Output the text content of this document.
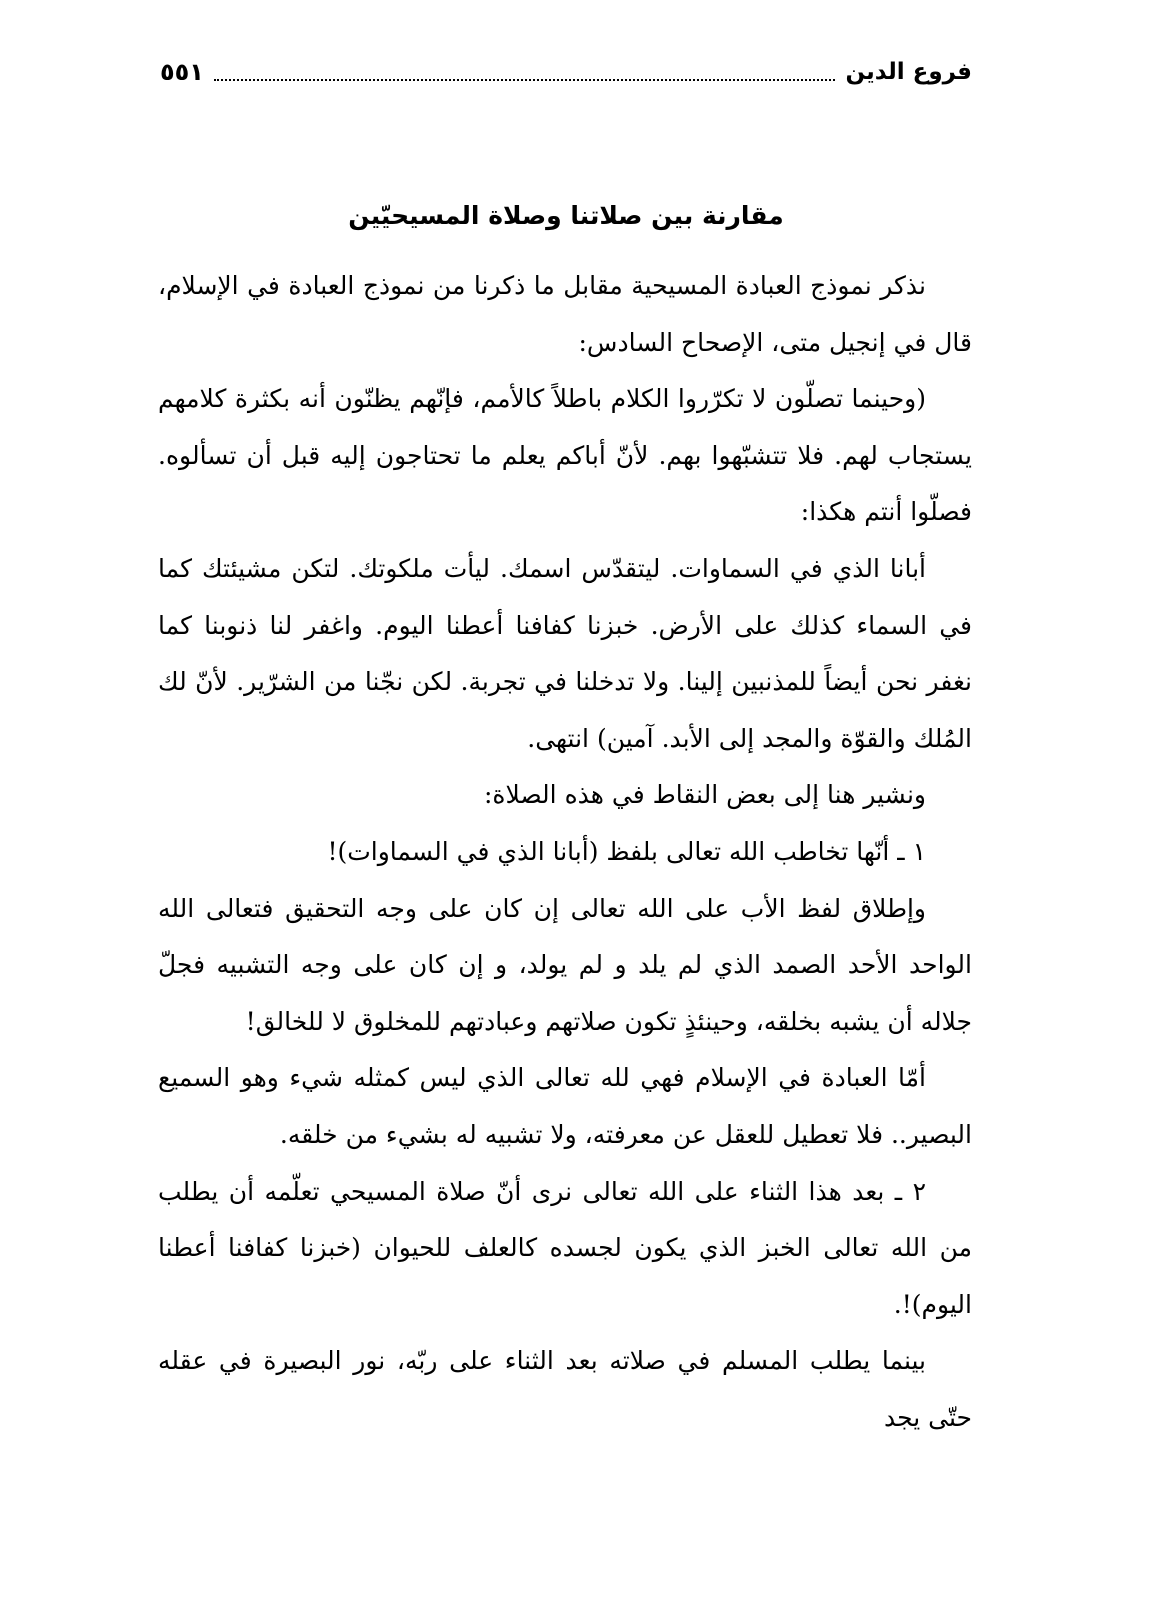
فروع الدين
٥٥١
مقارنة بين صلاتنا وصلاة المسيحيّين

نذكر نموذج العبادة المسيحية مقابل ما ذكرنا من نموذج العبادة في الإسلام، قال في إنجيل متى، الإصحاح السادس:

(وحينما تصلّون لا تكرّروا الكلام باطلاً كالأمم، فإنّهم يظنّون أنه بكثرة كلامهم يستجاب لهم. فلا تتشبّهوا بهم. لأنّ أباكم يعلم ما تحتاجون إليه قبل أن تسألوه. فصلّوا أنتم هكذا:

أبانا الذي في السماوات. ليتقدّس اسمك. ليأت ملكوتك. لتكن مشيئتك كما في السماء كذلك على الأرض. خبزنا كفافنا أعطنا اليوم. واغفر لنا ذنوبنا كما نغفر نحن أيضاً للمذنبين إلينا. ولا تدخلنا في تجربة. لكن نجّنا من الشرّير. لأنّ لك المُلك والقوّة والمجد إلى الأبد. آمين) انتهى.

ونشير هنا إلى بعض النقاط في هذه الصلاة:

١ ـ أنّها تخاطب الله تعالى بلفظ (أبانا الذي في السماوات)!

وإطلاق لفظ الأب على الله تعالى إن كان على وجه التحقيق فتعالى الله الواحد الأحد الصمد الذي لم يلد و لم يولد، و إن كان على وجه التشبيه فجلّ جلاله أن يشبه بخلقه، وحينئذٍ تكون صلاتهم وعبادتهم للمخلوق لا للخالق!

أمّا العبادة في الإسلام فهي لله تعالى الذي ليس كمثله شيء وهو السميع البصير.. فلا تعطيل للعقل عن معرفته، ولا تشبيه له بشيء من خلقه.

٢ ـ بعد هذا الثناء على الله تعالى نرى أنّ صلاة المسيحي تعلّمه أن يطلب من الله تعالى الخبز الذي يكون لجسده كالعلف للحيوان (خبزنا كفافنا أعطنا اليوم)!.

بينما يطلب المسلم في صلاته بعد الثناء على ربّه، نور البصيرة في عقله حتّى يجد
